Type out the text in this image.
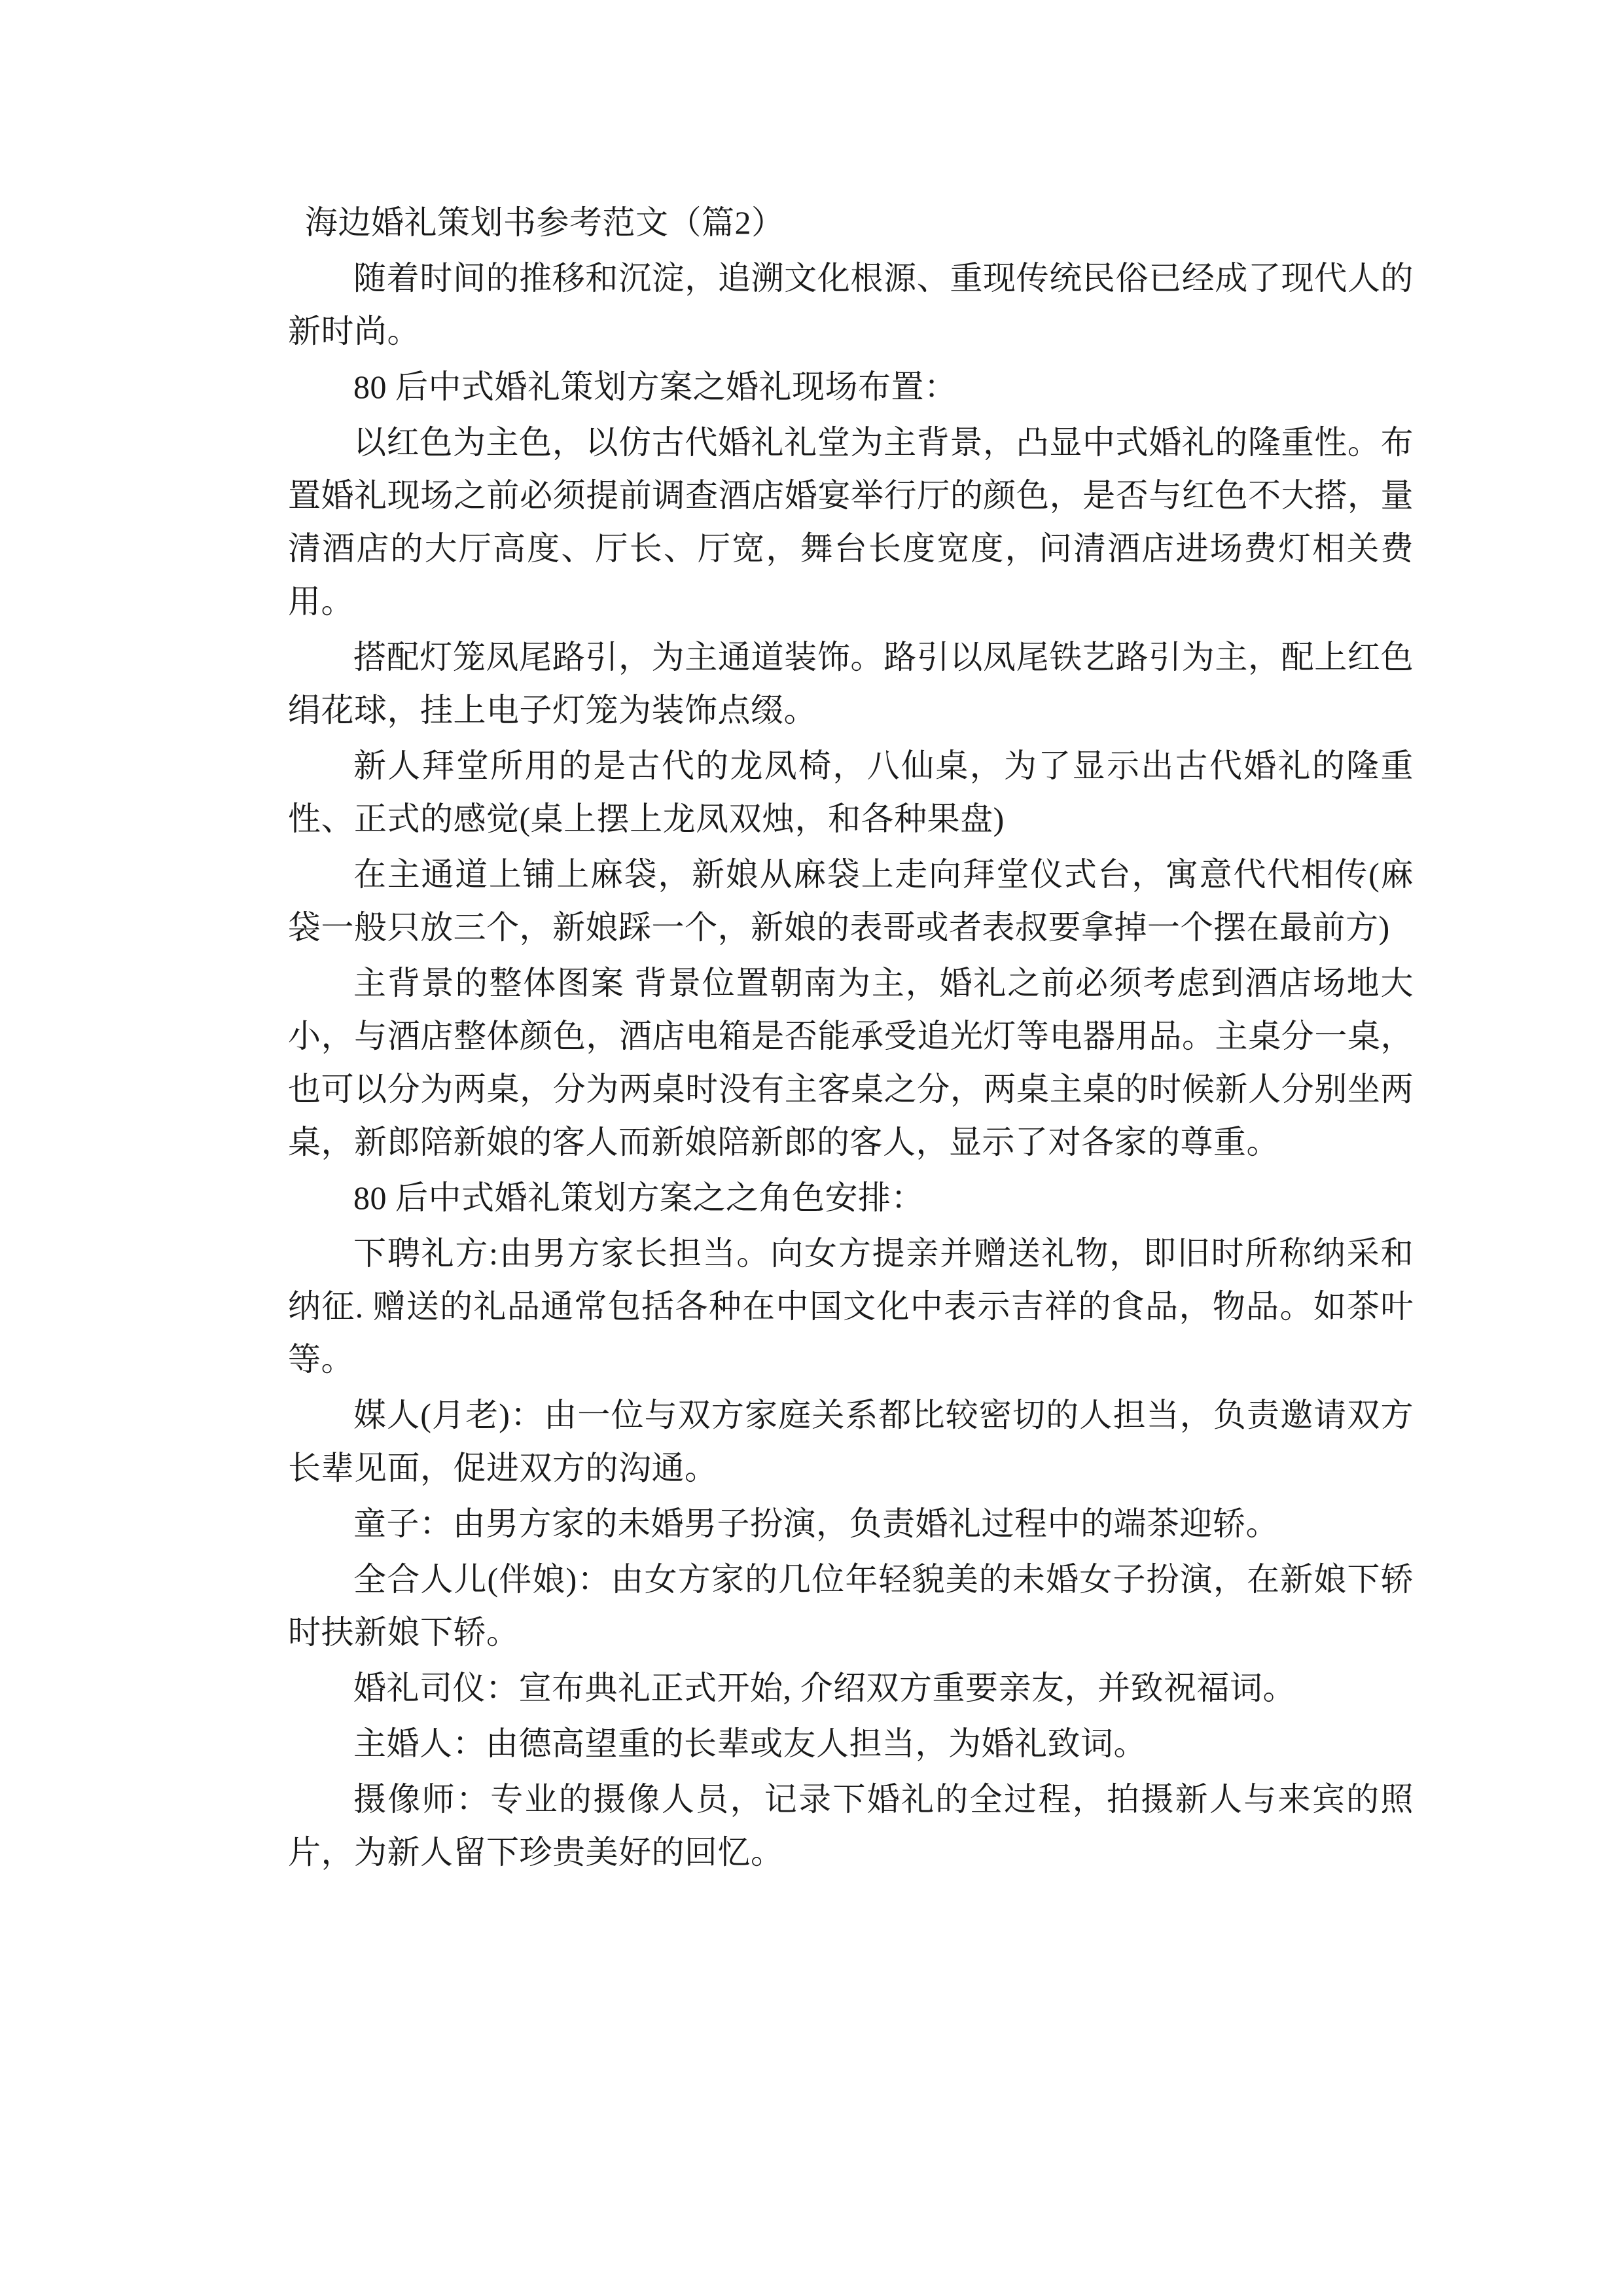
海边婚礼策划书参考范文（篇2）

随着时间的推移和沉淀，追溯文化根源、重现传统民俗已经成了现代人的新时尚。

80 后中式婚礼策划方案之婚礼现场布置：

以红色为主色，以仿古代婚礼礼堂为主背景，凸显中式婚礼的隆重性。布置婚礼现场之前必须提前调查酒店婚宴举行厅的颜色，是否与红色不大搭，量清酒店的大厅高度、厅长、厅宽，舞台长度宽度，问清酒店进场费灯相关费用。

搭配灯笼凤尾路引，为主通道装饰。路引以凤尾铁艺路引为主，配上红色绢花球，挂上电子灯笼为装饰点缀。

新人拜堂所用的是古代的龙凤椅，八仙桌，为了显示出古代婚礼的隆重性、正式的感觉(桌上摆上龙凤双烛，和各种果盘)

在主通道上铺上麻袋，新娘从麻袋上走向拜堂仪式台，寓意代代相传(麻袋一般只放三个，新娘踩一个，新娘的表哥或者表叔要拿掉一个摆在最前方)

主背景的整体图案 背景位置朝南为主，婚礼之前必须考虑到酒店场地大小，与酒店整体颜色，酒店电箱是否能承受追光灯等电器用品。主桌分一桌，也可以分为两桌，分为两桌时没有主客桌之分，两桌主桌的时候新人分别坐两桌，新郎陪新娘的客人而新娘陪新郎的客人，显示了对各家的尊重。

80 后中式婚礼策划方案之之角色安排：

下聘礼方:由男方家长担当。向女方提亲并赠送礼物，即旧时所称纳采和纳征. 赠送的礼品通常包括各种在中国文化中表示吉祥的食品，物品。如茶叶等。

媒人(月老)：由一位与双方家庭关系都比较密切的人担当，负责邀请双方长辈见面，促进双方的沟通。

童子：由男方家的未婚男子扮演，负责婚礼过程中的端茶迎轿。

全合人儿(伴娘)：由女方家的几位年轻貌美的未婚女子扮演，在新娘下轿时扶新娘下轿。

婚礼司仪：宣布典礼正式开始, 介绍双方重要亲友，并致祝福词。

主婚人：由德高望重的长辈或友人担当，为婚礼致词。

摄像师：专业的摄像人员，记录下婚礼的全过程，拍摄新人与来宾的照片，为新人留下珍贵美好的回忆。
